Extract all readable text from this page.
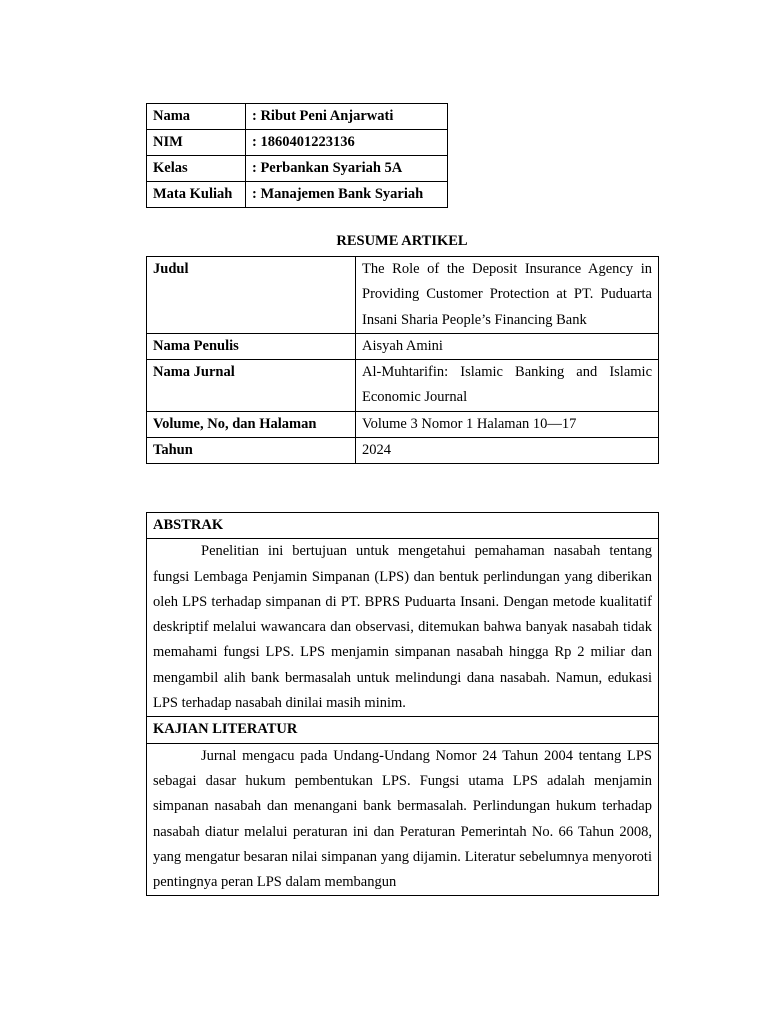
Nama	: Ribut Peni Anjarwati
NIM	: 1860401223136
Kelas	: Perbankan Syariah 5A
Mata Kuliah	: Manajemen Bank Syariah
RESUME ARTIKEL
Judul	The Role of the Deposit Insurance Agency in Providing Customer Protection at PT. Puduarta Insani Sharia People’s Financing Bank
Nama Penulis	Aisyah Amini
Nama Jurnal	Al-Muhtarifin: Islamic Banking and Islamic Economic Journal
Volume, No, dan Halaman	Volume 3 Nomor 1 Halaman 10—17
Tahun	2024
ABSTRAK
Penelitian ini bertujuan untuk mengetahui pemahaman nasabah tentang fungsi Lembaga Penjamin Simpanan (LPS) dan bentuk perlindungan yang diberikan oleh LPS terhadap simpanan di PT. BPRS Puduarta Insani. Dengan metode kualitatif deskriptif melalui wawancara dan observasi, ditemukan bahwa banyak nasabah tidak memahami fungsi LPS. LPS menjamin simpanan nasabah hingga Rp 2 miliar dan mengambil alih bank bermasalah untuk melindungi dana nasabah. Namun, edukasi LPS terhadap nasabah dinilai masih minim.
KAJIAN LITERATUR
Jurnal mengacu pada Undang-Undang Nomor 24 Tahun 2004 tentang LPS sebagai dasar hukum pembentukan LPS. Fungsi utama LPS adalah menjamin simpanan nasabah dan menangani bank bermasalah. Perlindungan hukum terhadap nasabah diatur melalui peraturan ini dan Peraturan Pemerintah No. 66 Tahun 2008, yang mengatur besaran nilai simpanan yang dijamin. Literatur sebelumnya menyoroti pentingnya peran LPS dalam membangun
